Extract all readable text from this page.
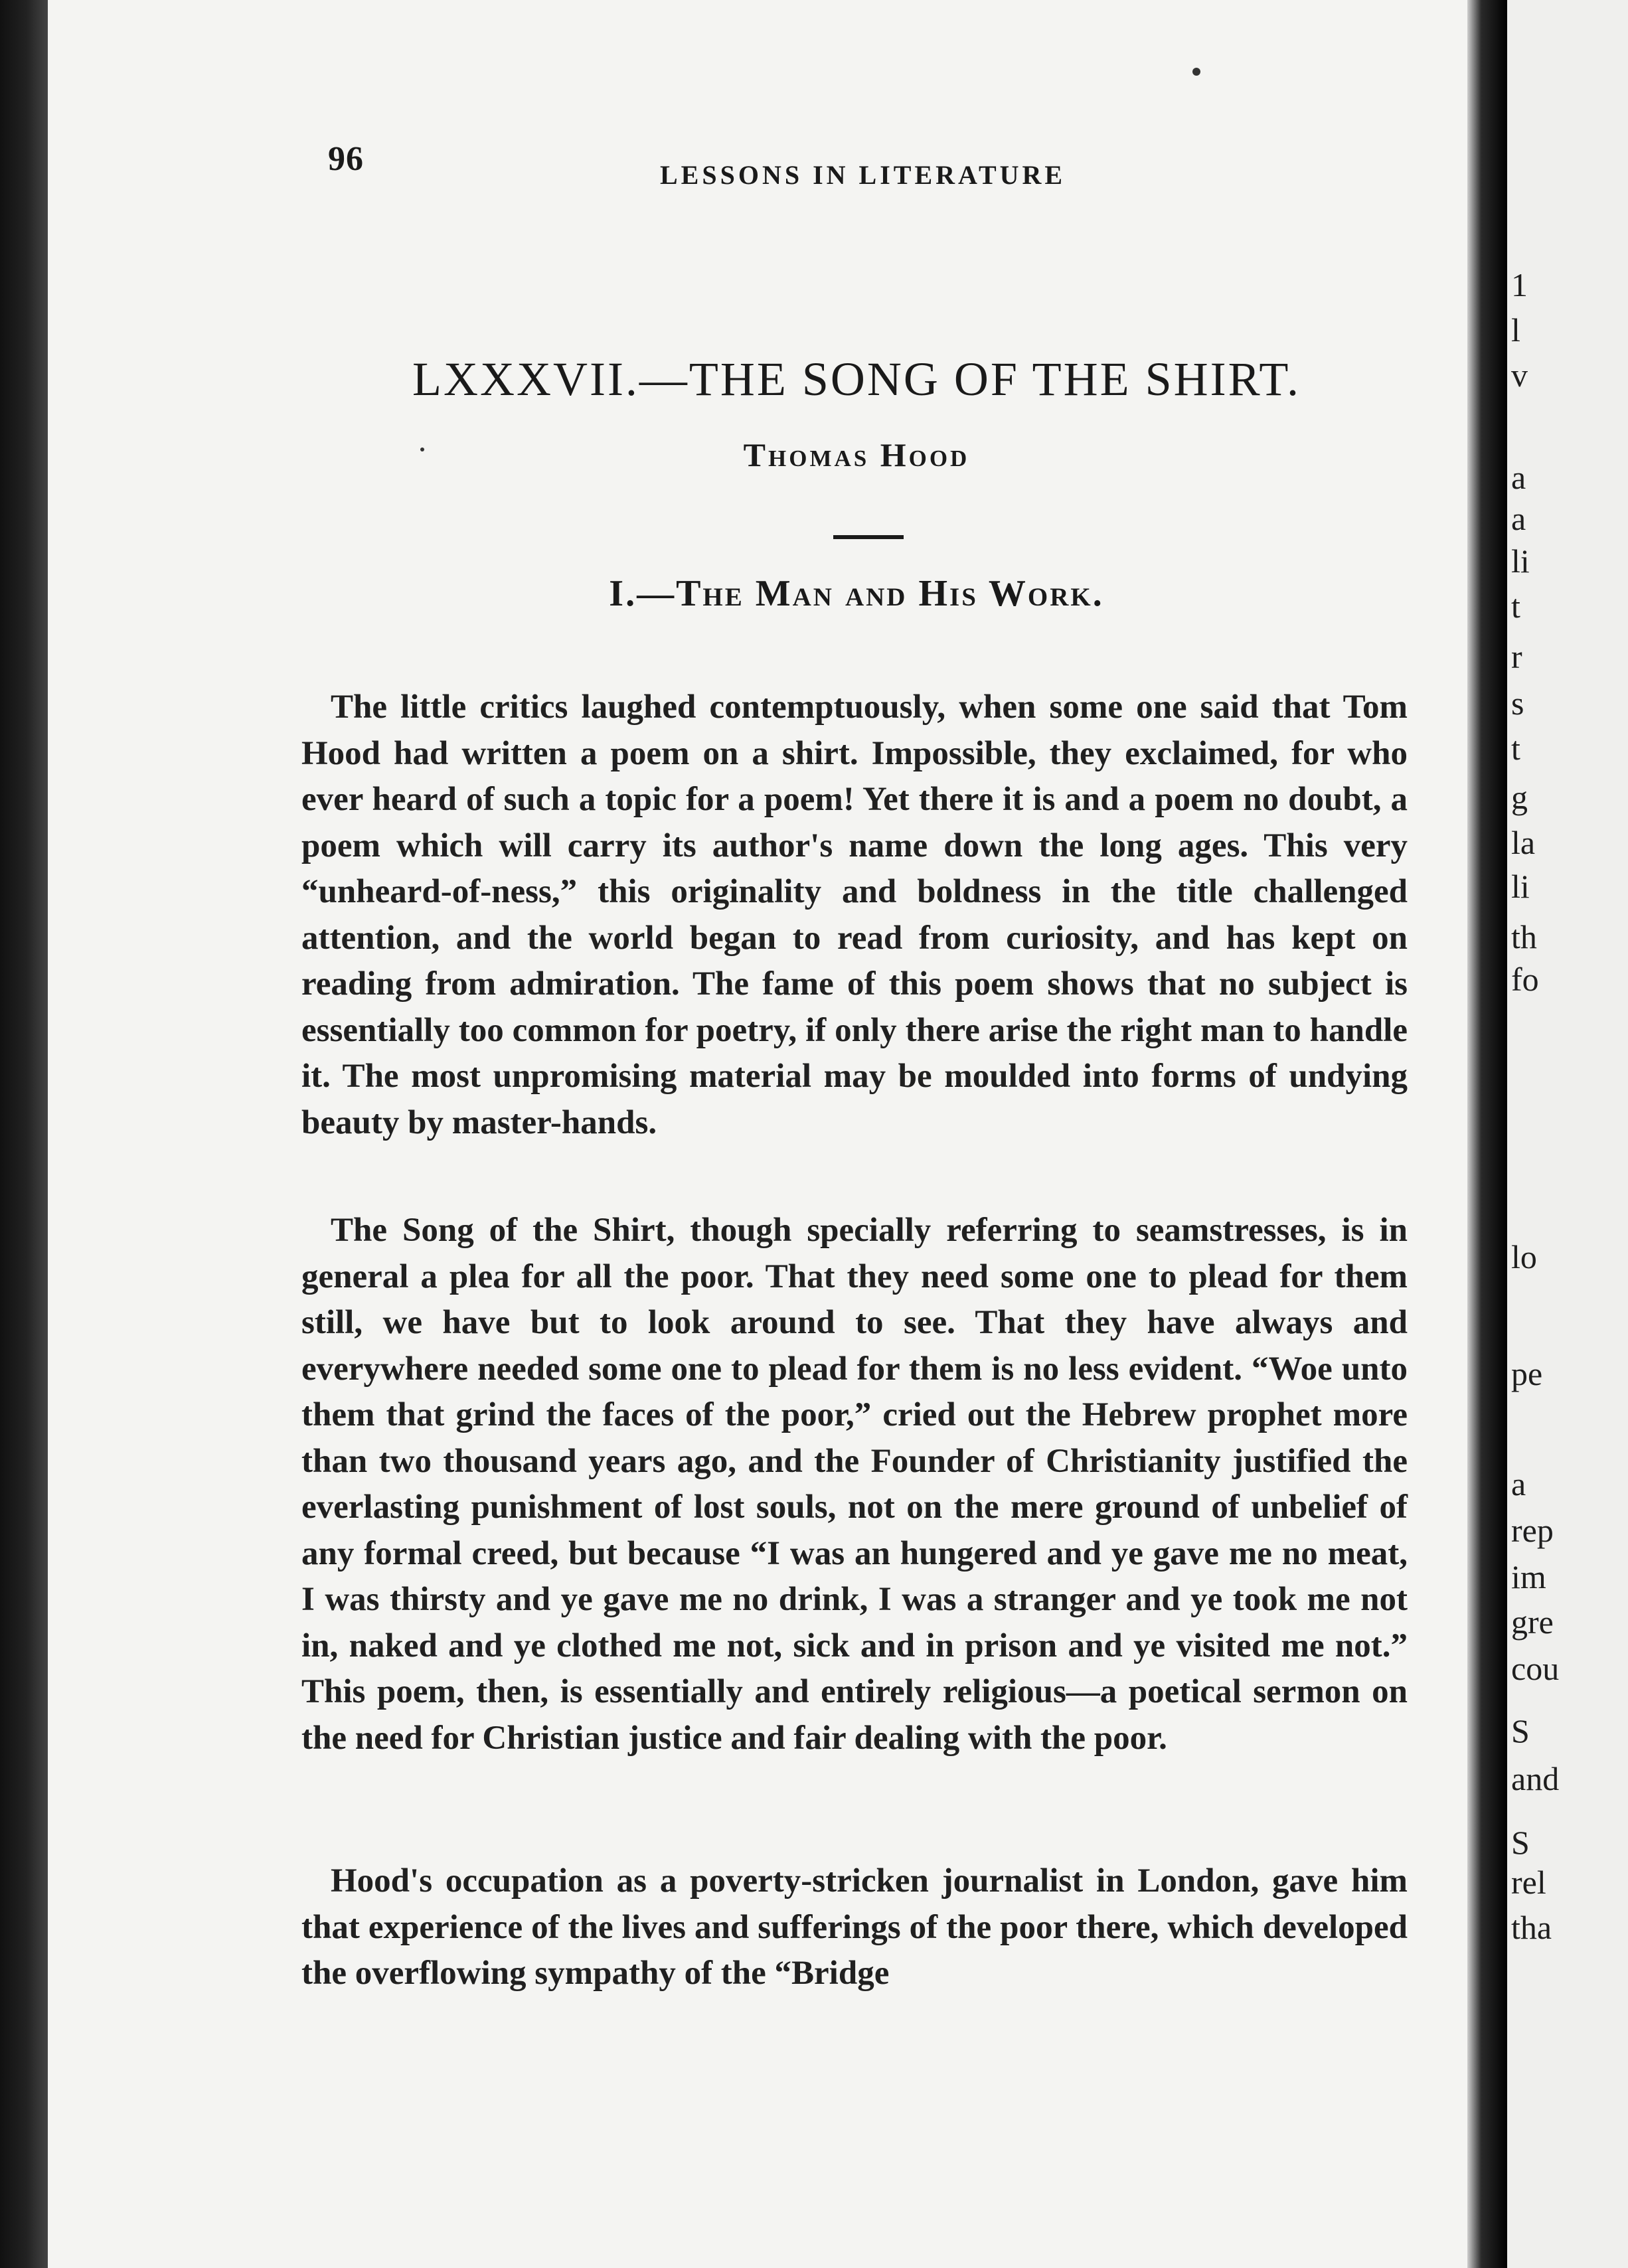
96	LESSONS IN LITERATURE
LXXXVII.—THE SONG OF THE SHIRT.
Thomas Hood
I.—The Man and His Work.

The little critics laughed contemptuously, when some one said that Tom Hood had written a poem on a shirt. Impossible, they exclaimed, for who ever heard of such a topic for a poem! Yet there it is and a poem no doubt, a poem which will carry its author's name down the long ages. This very “unheard-of-ness,” this originality and boldness in the title challenged attention, and the world began to read from curiosity, and has kept on reading from admiration. The fame of this poem shows that no subject is essentially too common for poetry, if only there arise the right man to handle it. The most unpromising material may be moulded into forms of undying beauty by master-hands.

The Song of the Shirt, though specially referring to seamstresses, is in general a plea for all the poor. That they need some one to plead for them still, we have but to look around to see. That they have always and everywhere needed some one to plead for them is no less evident. “Woe unto them that grind the faces of the poor,” cried out the Hebrew prophet more than two thousand years ago, and the Founder of Christianity justified the everlasting punishment of lost souls, not on the mere ground of unbelief of any formal creed, but because “I was an hungered and ye gave me no meat, I was thirsty and ye gave me no drink, I was a stranger and ye took me not in, naked and ye clothed me not, sick and in prison and ye visited me not.” This poem, then, is essentially and entirely religious—a poetical sermon on the need for Christian justice and fair dealing with the poor.

Hood's occupation as a poverty-stricken journalist in London, gave him that experience of the lives and sufferings of the poor there, which developed the overflowing sympathy of the “Bridge

1
l
v
a
a
li
t
r
s
t
g
la
li
th
fo
lo
pe
a
rep
im
gre
cou
S
and
S
rel
tha
